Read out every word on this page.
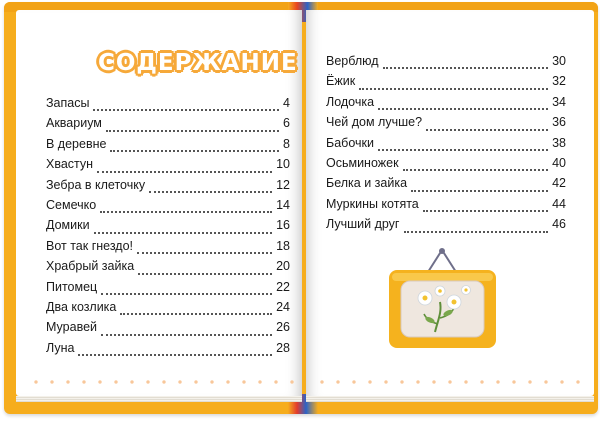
СОДЕРЖАНИЕ
Запасы	4
Аквариум	6
В деревне	8
Хвастун	10
Зебра в клеточку	12
Семечко	14
Домики	16
Вот так гнездо!	18
Храбрый зайка	20
Питомец	22
Два козлика	24
Муравей	26
Луна	28
Верблюд	30
Ёжик	32
Лодочка	34
Чей дом лучше?	36
Бабочки	38
Осьминожек	40
Белка и зайка	42
Муркины котята	44
Лучший друг	46
